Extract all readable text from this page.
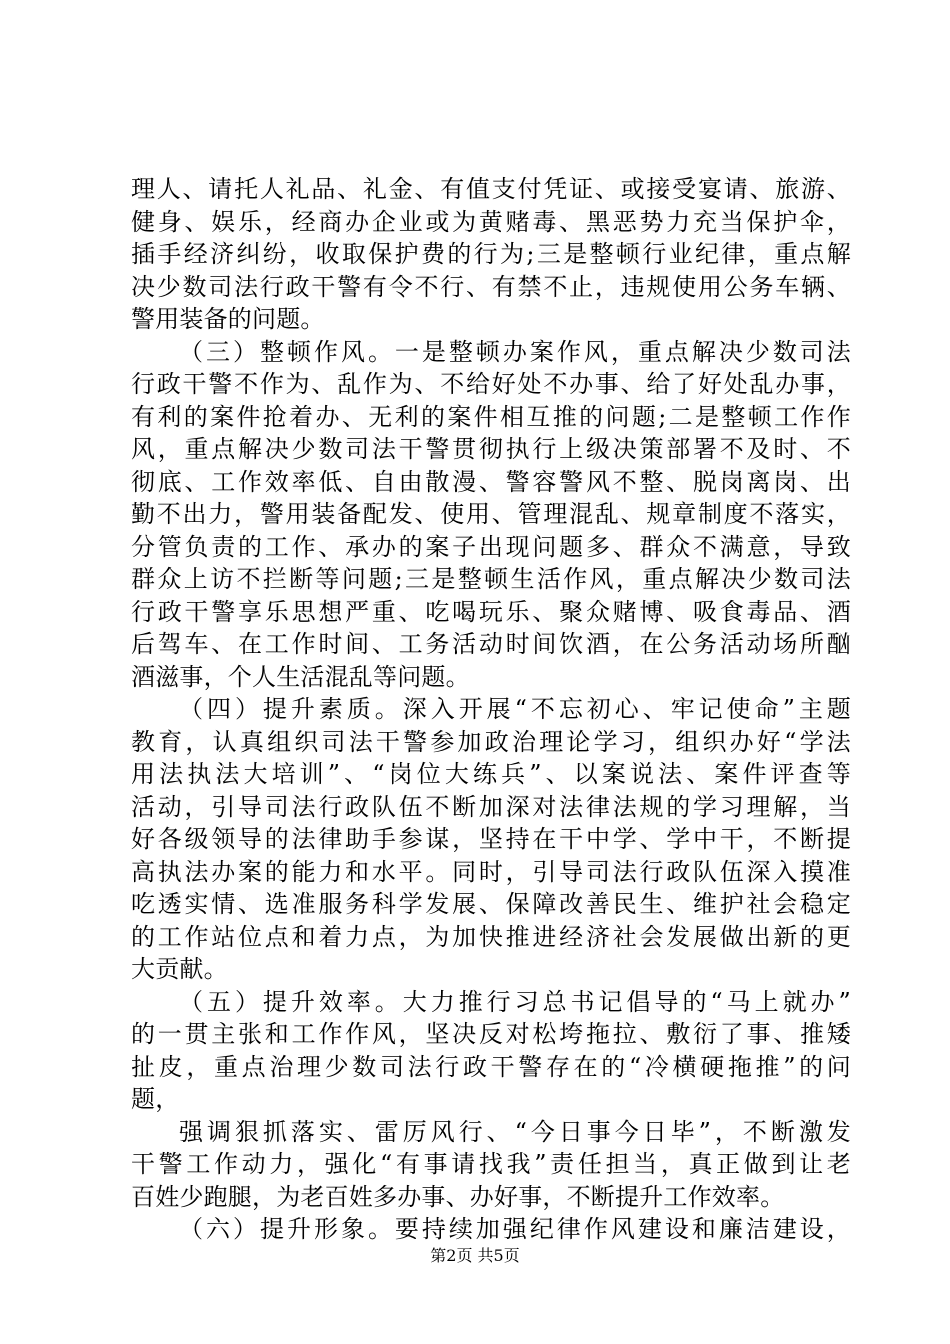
理人、请托人礼品、礼金、有值支付凭证、或接受宴请、旅游、
健身、娱乐，经商办企业或为黄赌毒、黑恶势力充当保护伞，
插手经济纠纷，收取保护费的行为;三是整顿行业纪律，重点解
决少数司法行政干警有令不行、有禁不止，违规使用公务车辆、
警用装备的问题。
（三）整顿作风。一是整顿办案作风，重点解决少数司法
行政干警不作为、乱作为、不给好处不办事、给了好处乱办事，
有利的案件抢着办、无利的案件相互推的问题;二是整顿工作作
风，重点解决少数司法干警贯彻执行上级决策部署不及时、不
彻底、工作效率低、自由散漫、警容警风不整、脱岗离岗、出
勤不出力，警用装备配发、使用、管理混乱、规章制度不落实，
分管负责的工作、承办的案子出现问题多、群众不满意，导致
群众上访不拦断等问题;三是整顿生活作风，重点解决少数司法
行政干警享乐思想严重、吃喝玩乐、聚众赌博、吸食毒品、酒
后驾车、在工作时间、工务活动时间饮酒，在公务活动场所酗
酒滋事，个人生活混乱等问题。
（四）提升素质。深入开展“不忘初心、牢记使命”主题
教育，认真组织司法干警参加政治理论学习，组织办好“学法
用法执法大培训”、“岗位大练兵”、以案说法、案件评查等
活动，引导司法行政队伍不断加深对法律法规的学习理解，当
好各级领导的法律助手参谋，坚持在干中学、学中干，不断提
高执法办案的能力和水平。同时，引导司法行政队伍深入摸准
吃透实情、选准服务科学发展、保障改善民生、维护社会稳定
的工作站位点和着力点，为加快推进经济社会发展做出新的更
大贡献。
（五）提升效率。大力推行习总书记倡导的“马上就办”
的一贯主张和工作作风，坚决反对松垮拖拉、敷衍了事、推矮
扯皮，重点治理少数司法行政干警存在的“冷横硬拖推”的问
题，
强调狠抓落实、雷厉风行、“今日事今日毕”，不断激发
干警工作动力，强化“有事请找我”责任担当，真正做到让老
百姓少跑腿，为老百姓多办事、办好事，不断提升工作效率。
（六）提升形象。要持续加强纪律作风建设和廉洁建设，
第2页 共5页
